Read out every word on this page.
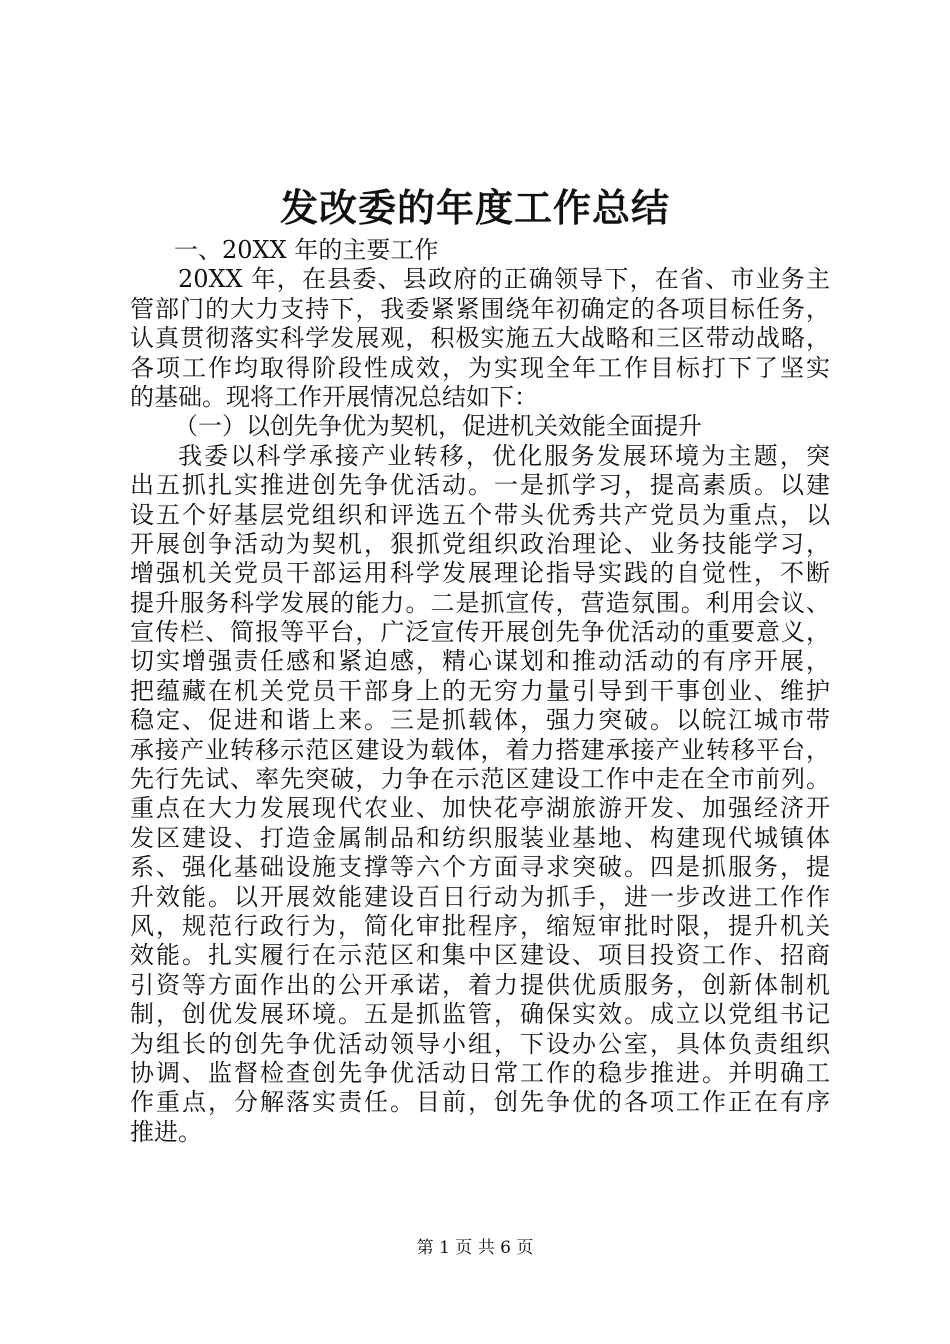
发改委的年度工作总结
一、20XX 年的主要工作
20XX 年，在县委、县政府的正确领导下，在省、市业务主
管部门的大力支持下，我委紧紧围绕年初确定的各项目标任务，
认真贯彻落实科学发展观，积极实施五大战略和三区带动战略，
各项工作均取得阶段性成效，为实现全年工作目标打下了坚实
的基础。现将工作开展情况总结如下：
（一）以创先争优为契机，促进机关效能全面提升
我委以科学承接产业转移，优化服务发展环境为主题，突
出五抓扎实推进创先争优活动。一是抓学习，提高素质。以建
设五个好基层党组织和评选五个带头优秀共产党员为重点，以
开展创争活动为契机，狠抓党组织政治理论、业务技能学习，
增强机关党员干部运用科学发展理论指导实践的自觉性，不断
提升服务科学发展的能力。二是抓宣传，营造氛围。利用会议、
宣传栏、简报等平台，广泛宣传开展创先争优活动的重要意义，
切实增强责任感和紧迫感，精心谋划和推动活动的有序开展，
把蕴藏在机关党员干部身上的无穷力量引导到干事创业、维护
稳定、促进和谐上来。三是抓载体，强力突破。以皖江城市带
承接产业转移示范区建设为载体，着力搭建承接产业转移平台，
先行先试、率先突破，力争在示范区建设工作中走在全市前列。
重点在大力发展现代农业、加快花亭湖旅游开发、加强经济开
发区建设、打造金属制品和纺织服装业基地、构建现代城镇体
系、强化基础设施支撑等六个方面寻求突破。四是抓服务，提
升效能。以开展效能建设百日行动为抓手，进一步改进工作作
风，规范行政行为，简化审批程序，缩短审批时限，提升机关
效能。扎实履行在示范区和集中区建设、项目投资工作、招商
引资等方面作出的公开承诺，着力提供优质服务，创新体制机
制，创优发展环境。五是抓监管，确保实效。成立以党组书记
为组长的创先争优活动领导小组，下设办公室，具体负责组织
协调、监督检查创先争优活动日常工作的稳步推进。并明确工
作重点，分解落实责任。目前，创先争优的各项工作正在有序
推进。
第 1 页 共 6 页
